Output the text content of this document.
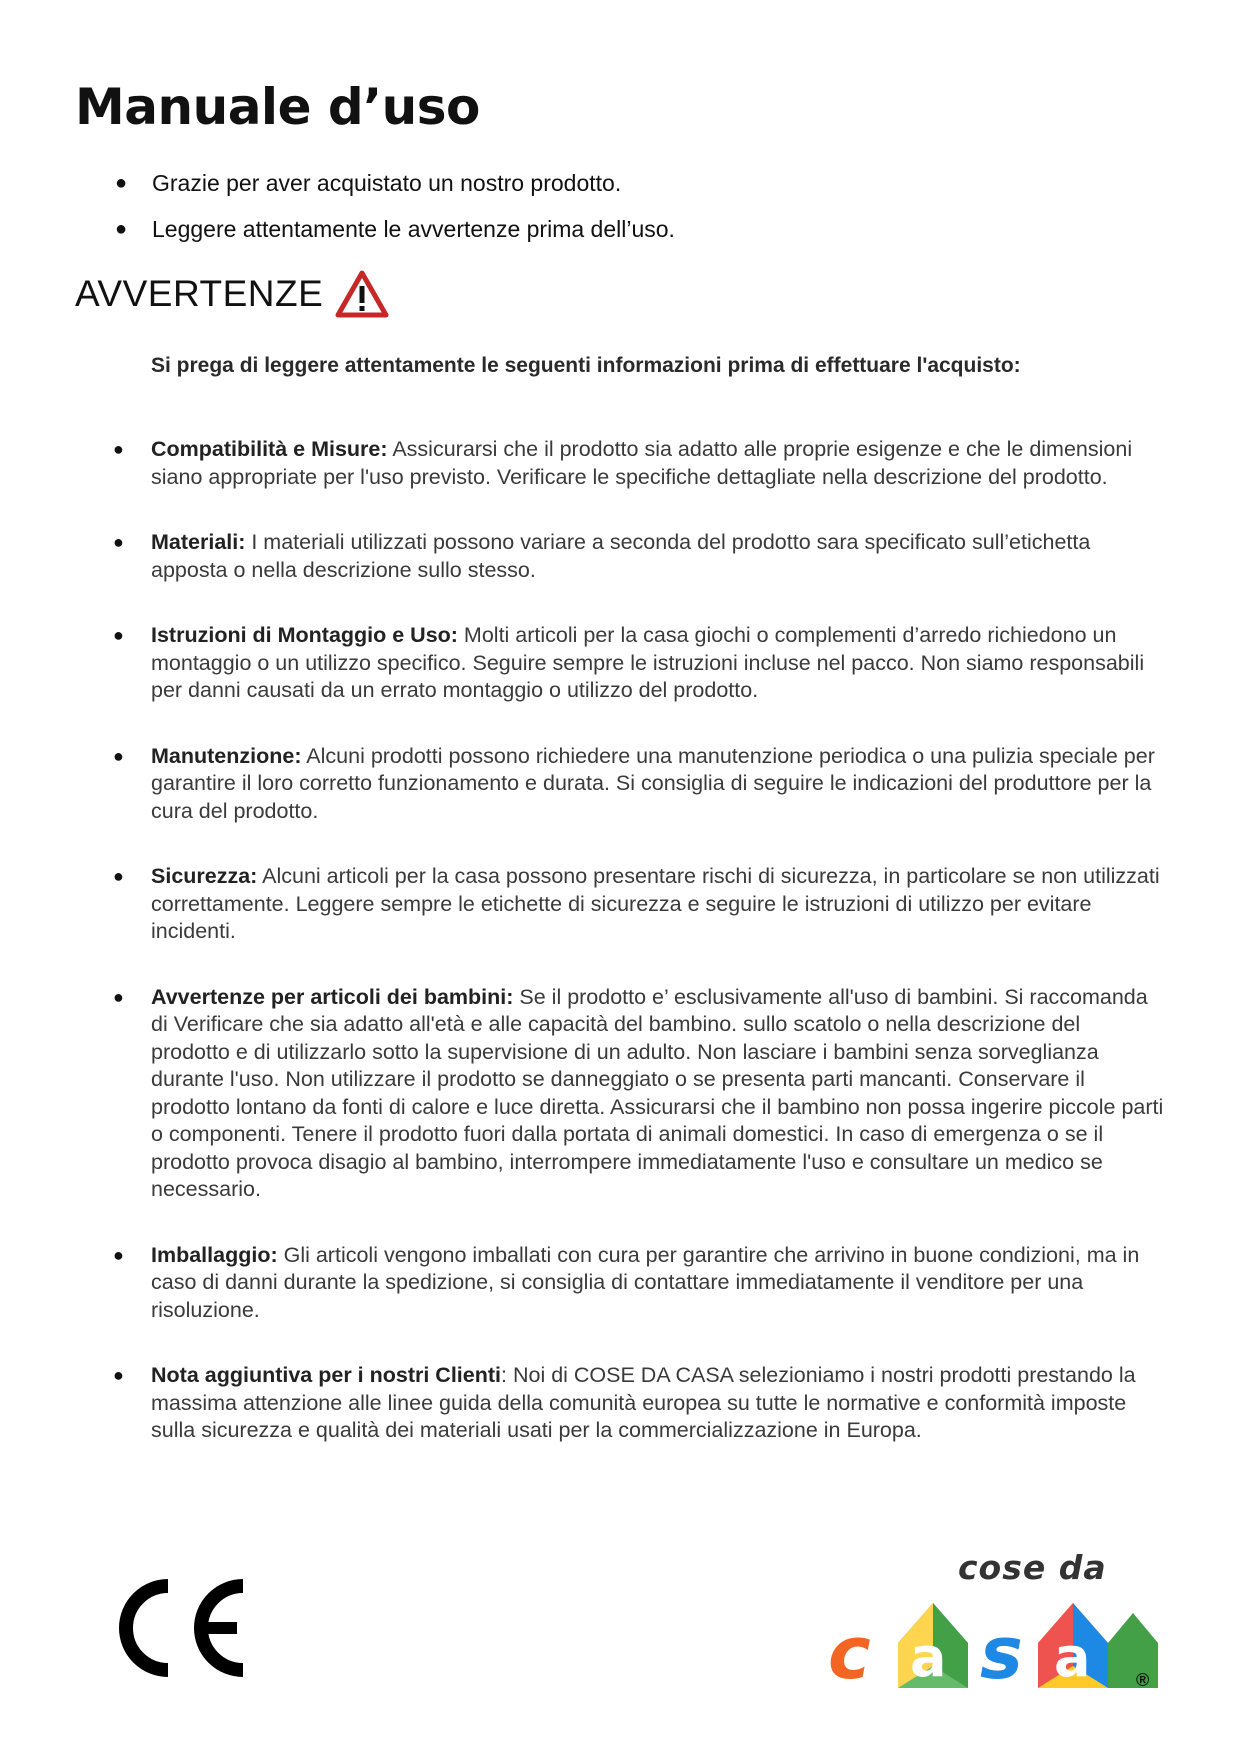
Manuale d’uso
● Grazie per aver acquistato un nostro prodotto.
● Leggere attentamente le avvertenze prima dell’uso.
AVVERTENZE

Si prega di leggere attentamente le seguenti informazioni prima di effettuare l'acquisto:

● Compatibilità e Misure: Assicurarsi che il prodotto sia adatto alle proprie esigenze e che le dimensioni siano appropriate per l'uso previsto. Verificare le specifiche dettagliate nella descrizione del prodotto.
● Materiali: I materiali utilizzati possono variare a seconda del prodotto sara specificato sull’etichetta apposta o nella descrizione sullo stesso.
● Istruzioni di Montaggio e Uso: Molti articoli per la casa giochi o complementi d’arredo richiedono un montaggio o un utilizzo specifico. Seguire sempre le istruzioni incluse nel pacco. Non siamo responsabili per danni causati da un errato montaggio o utilizzo del prodotto.
● Manutenzione: Alcuni prodotti possono richiedere una manutenzione periodica o una pulizia speciale per garantire il loro corretto funzionamento e durata. Si consiglia di seguire le indicazioni del produttore per la cura del prodotto.
● Sicurezza: Alcuni articoli per la casa possono presentare rischi di sicurezza, in particolare se non utilizzati correttamente. Leggere sempre le etichette di sicurezza e seguire le istruzioni di utilizzo per evitare incidenti.
● Avvertenze per articoli dei bambini: Se il prodotto e’ esclusivamente all'uso di bambini. Si raccomanda di Verificare che sia adatto all'età e alle capacità del bambino. sullo scatolo o nella descrizione del prodotto e di utilizzarlo sotto la supervisione di un adulto. Non lasciare i bambini senza sorveglianza durante l'uso. Non utilizzare il prodotto se danneggiato o se presenta parti mancanti. Conservare il prodotto lontano da fonti di calore e luce diretta. Assicurarsi che il bambino non possa ingerire piccole parti o componenti. Tenere il prodotto fuori dalla portata di animali domestici. In caso di emergenza o se il prodotto provoca disagio al bambino, interrompere immediatamente l'uso e consultare un medico se necessario.
● Imballaggio: Gli articoli vengono imballati con cura per garantire che arrivino in buone condizioni, ma in caso di danni durante la spedizione, si consiglia di contattare immediatamente il venditore per una risoluzione.
● Nota aggiuntiva per i nostri Clienti: Noi di COSE DA CASA selezioniamo i nostri prodotti prestando la massima attenzione alle linee guida della comunità europea su tutte le normative e conformità imposte sulla sicurezza e qualità dei materiali usati per la commercializzazione in Europa.
cose da
c a s a	®
